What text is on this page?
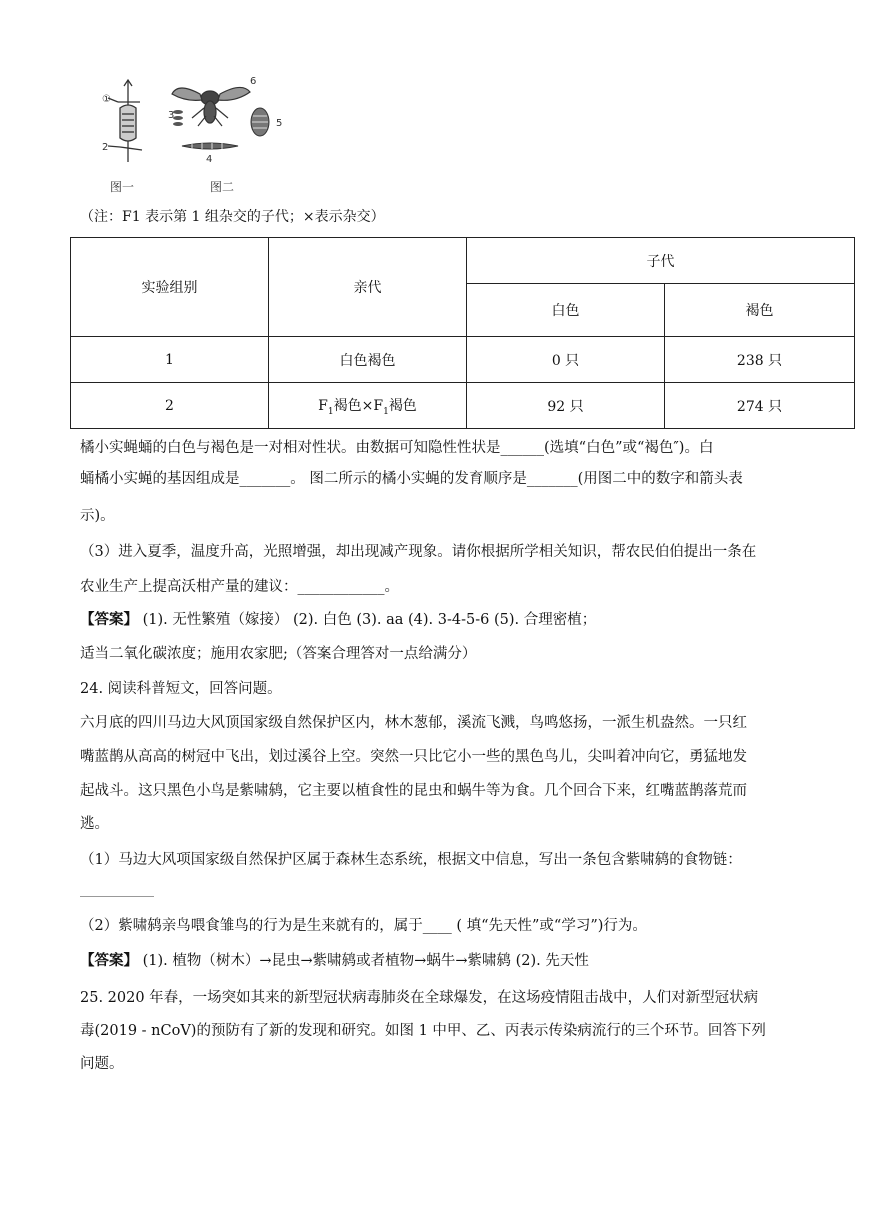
①
2
3
4
5
6
图一	图二
（注：F1 表示第 1 组杂交的子代；×表示杂交）
实验组别	亲代	子代	
		白色	褐色
1	白色褐色	0 只	238 只
2	$F_1$褐色$\times F_1$褐色	92 只	274 只
橘小实蝇蛹的白色与褐色是一对相对性状。由数据可知隐性性状是______(选填“白色”或“褐色″)。白
蛹橘小实蝇的基因组成是_______。 图二所示的橘小实蝇的发育顺序是_______(用图二中的数字和箭头表
示)。
（3）进入夏季，温度升高，光照增强，却出现减产现象。请你根据所学相关知识，帮农民伯伯提出一条在
农业生产上提高沃柑产量的建议：____________。
【答案】 (1). 无性繁殖（嫁接） (2). 白色 (3). aa (4). 3-4-5-6 (5). 合理密植；
适当二氧化碳浓度；施用农家肥;（答案合理答对一点给满分）
24. 阅读科普短文，回答问题。
六月底的四川马边大风顶国家级自然保护区内，林木葱郁，溪流飞溅，鸟鸣悠扬，一派生机盎然。一只红
嘴蓝鹊从高高的树冠中飞出，划过溪谷上空。突然一只比它小一些的黑色鸟儿，尖叫着冲向它，勇猛地发
起战斗。这只黑色小鸟是紫啸鸫，它主要以植食性的昆虫和蜗牛等为食。几个回合下来，红嘴蓝鹊落荒而
逃。
（1）马边大风项国家级自然保护区属于森林生态系统，根据文中信息，写出一条包含紫啸鸫的食物链：
（2）紫啸鸫亲鸟喂食雏鸟的行为是生来就有的，属于____ ( 填“先天性”或“学习”)行为。
【答案】 (1). 植物（树木）→昆虫→紫啸鸫或者植物→蜗牛→紫啸鸫 (2). 先天性
25. 2020 年春，一场突如其来的新型冠状病毒肺炎在全球爆发，在这场疫情阻击战中，人们对新型冠状病
毒(2019 - nCoV)的预防有了新的发现和研究。如图 1 中甲、乙、丙表示传染病流行的三个环节。回答下列
问题。
